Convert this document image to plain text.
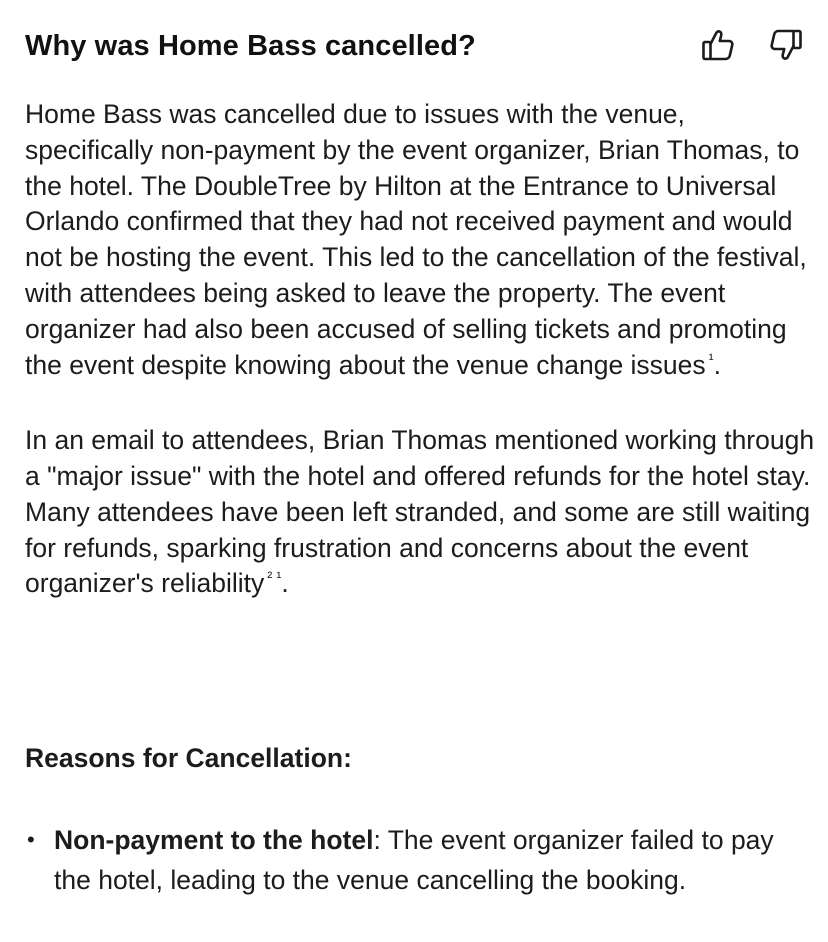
Why was Home Bass cancelled?

Home Bass was cancelled due to issues with the venue, specifically non-payment by the event organizer, Brian Thomas, to the hotel. The DoubleTree by Hilton at the Entrance to Universal Orlando confirmed that they had not received payment and would not be hosting the event. This led to the cancellation of the festival, with attendees being asked to leave the property. The event organizer had also been accused of selling tickets and promoting the event despite knowing about the venue change issues $^{^1}$.

In an email to attendees, Brian Thomas mentioned working through a "major issue" with the hotel and offered refunds for the hotel stay. Many attendees have been left stranded, and some are still waiting for refunds, sparking frustration and concerns about the event organizer's reliability $^{^2 ^1}$.

Reasons for Cancellation:
• Non-payment to the hotel: The event organizer failed to pay the hotel, leading to the venue cancelling the booking.
